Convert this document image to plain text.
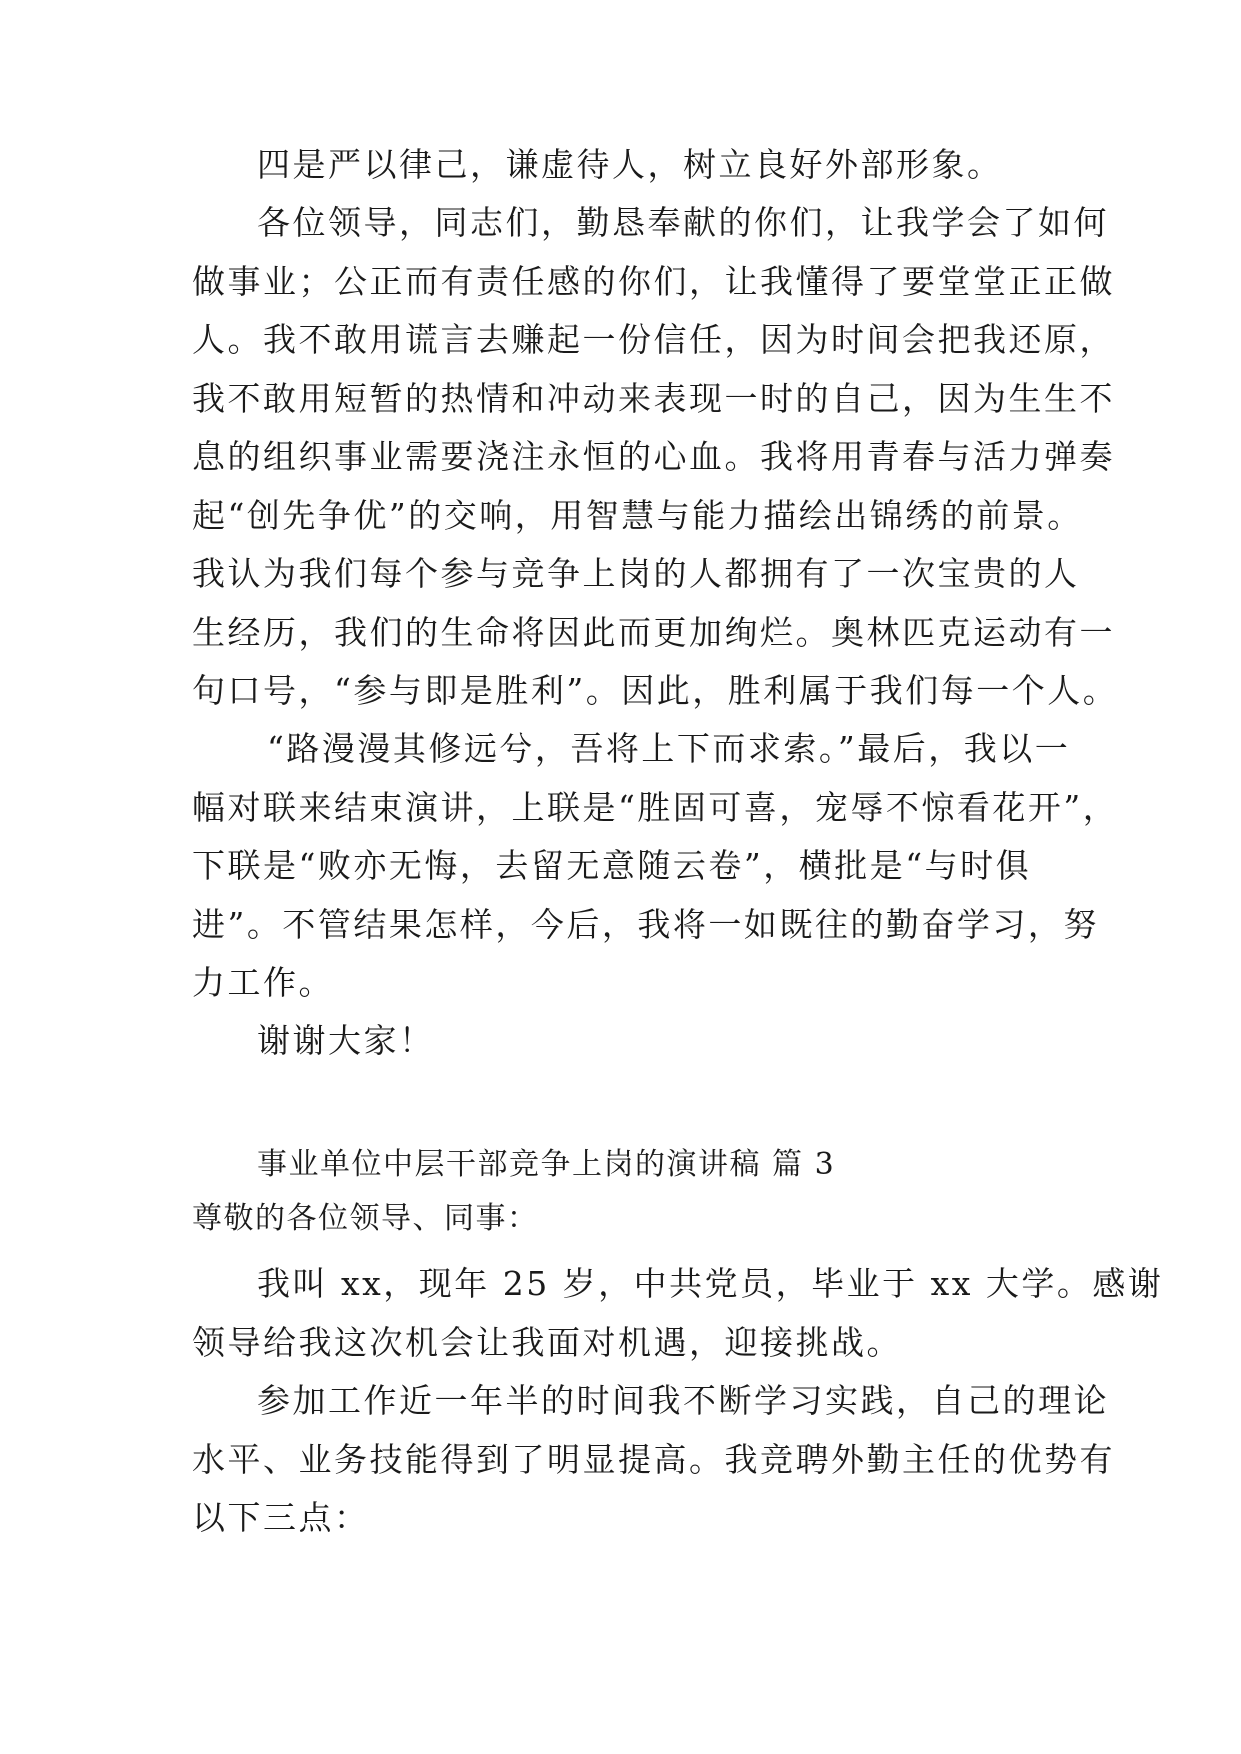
四是严以律己，谦虚待人，树立良好外部形象。
各位领导，同志们，勤恳奉献的你们，让我学会了如何
做事业；公正而有责任感的你们，让我懂得了要堂堂正正做
人。我不敢用谎言去赚起一份信任，因为时间会把我还原，
我不敢用短暂的热情和冲动来表现一时的自己，因为生生不
息的组织事业需要浇注永恒的心血。我将用青春与活力弹奏
起“创先争优”的交响，用智慧与能力描绘出锦绣的前景。
我认为我们每个参与竞争上岗的人都拥有了一次宝贵的人
生经历，我们的生命将因此而更加绚烂。奥林匹克运动有一
句口号，“参与即是胜利”。因此，胜利属于我们每一个人。
“路漫漫其修远兮，吾将上下而求索。”最后，我以一
幅对联来结束演讲，上联是“胜固可喜，宠辱不惊看花开”，
下联是“败亦无悔，去留无意随云卷”，横批是“与时俱
进”。不管结果怎样，今后，我将一如既往的勤奋学习，努
力工作。
谢谢大家！
事业单位中层干部竞争上岗的演讲稿 篇 3
尊敬的各位领导、同事：
我叫 xx，现年 25 岁，中共党员，毕业于 xx 大学。感谢
领导给我这次机会让我面对机遇，迎接挑战。
参加工作近一年半的时间我不断学习实践，自己的理论
水平、业务技能得到了明显提高。我竞聘外勤主任的优势有
以下三点：
